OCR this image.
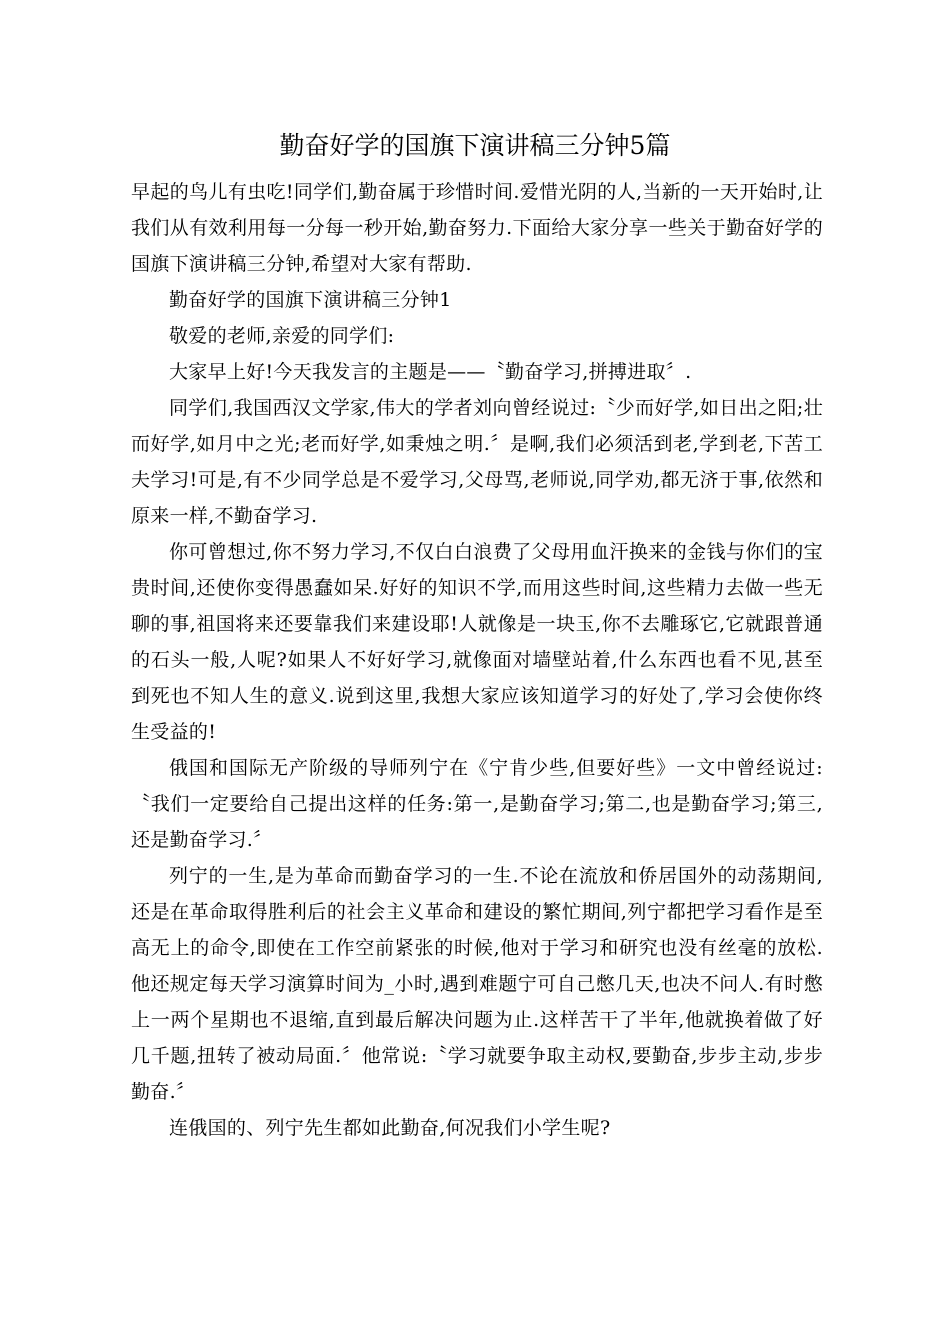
勤奋好学的国旗下演讲稿三分钟5篇

早起的鸟儿有虫吃!同学们,勤奋属于珍惜时间.爱惜光阴的人,当新的一天开始时,让我们从有效利用每一分每一秒开始,勤奋努力.下面给大家分享一些关于勤奋好学的国旗下演讲稿三分钟,希望对大家有帮助.

勤奋好学的国旗下演讲稿三分钟1

敬爱的老师,亲爱的同学们:

大家早上好!今天我发言的主题是——〝勤奋学习,拼搏进取〞.

同学们,我国西汉文学家,伟大的学者刘向曾经说过:〝少而好学,如日出之阳;壮而好学,如月中之光;老而好学,如秉烛之明.〞是啊,我们必须活到老,学到老,下苦工夫学习!可是,有不少同学总是不爱学习,父母骂,老师说,同学劝,都无济于事,依然和原来一样,不勤奋学习.

你可曾想过,你不努力学习,不仅白白浪费了父母用血汗换来的金钱与你们的宝贵时间,还使你变得愚蠢如呆.好好的知识不学,而用这些时间,这些精力去做一些无聊的事,祖国将来还要靠我们来建设耶!人就像是一块玉,你不去雕琢它,它就跟普通的石头一般,人呢?如果人不好好学习,就像面对墙壁站着,什么东西也看不见,甚至到死也不知人生的意义.说到这里,我想大家应该知道学习的好处了,学习会使你终生受益的!

俄国和国际无产阶级的导师列宁在《宁肯少些,但要好些》一文中曾经说过:〝我们一定要给自己提出这样的任务:第一,是勤奋学习;第二,也是勤奋学习;第三,还是勤奋学习.〞

列宁的一生,是为革命而勤奋学习的一生.不论在流放和侨居国外的动荡期间,还是在革命取得胜利后的社会主义革命和建设的繁忙期间,列宁都把学习看作是至高无上的命令,即使在工作空前紧张的时候,他对于学习和研究也没有丝毫的放松.他还规定每天学习演算时间为_小时,遇到难题宁可自己憋几天,也决不问人.有时憋上一两个星期也不退缩,直到最后解决问题为止.这样苦干了半年,他就换着做了好几千题,扭转了被动局面.〞他常说:〝学习就要争取主动权,要勤奋,步步主动,步步勤奋.〞

连俄国的、列宁先生都如此勤奋,何况我们小学生呢?
